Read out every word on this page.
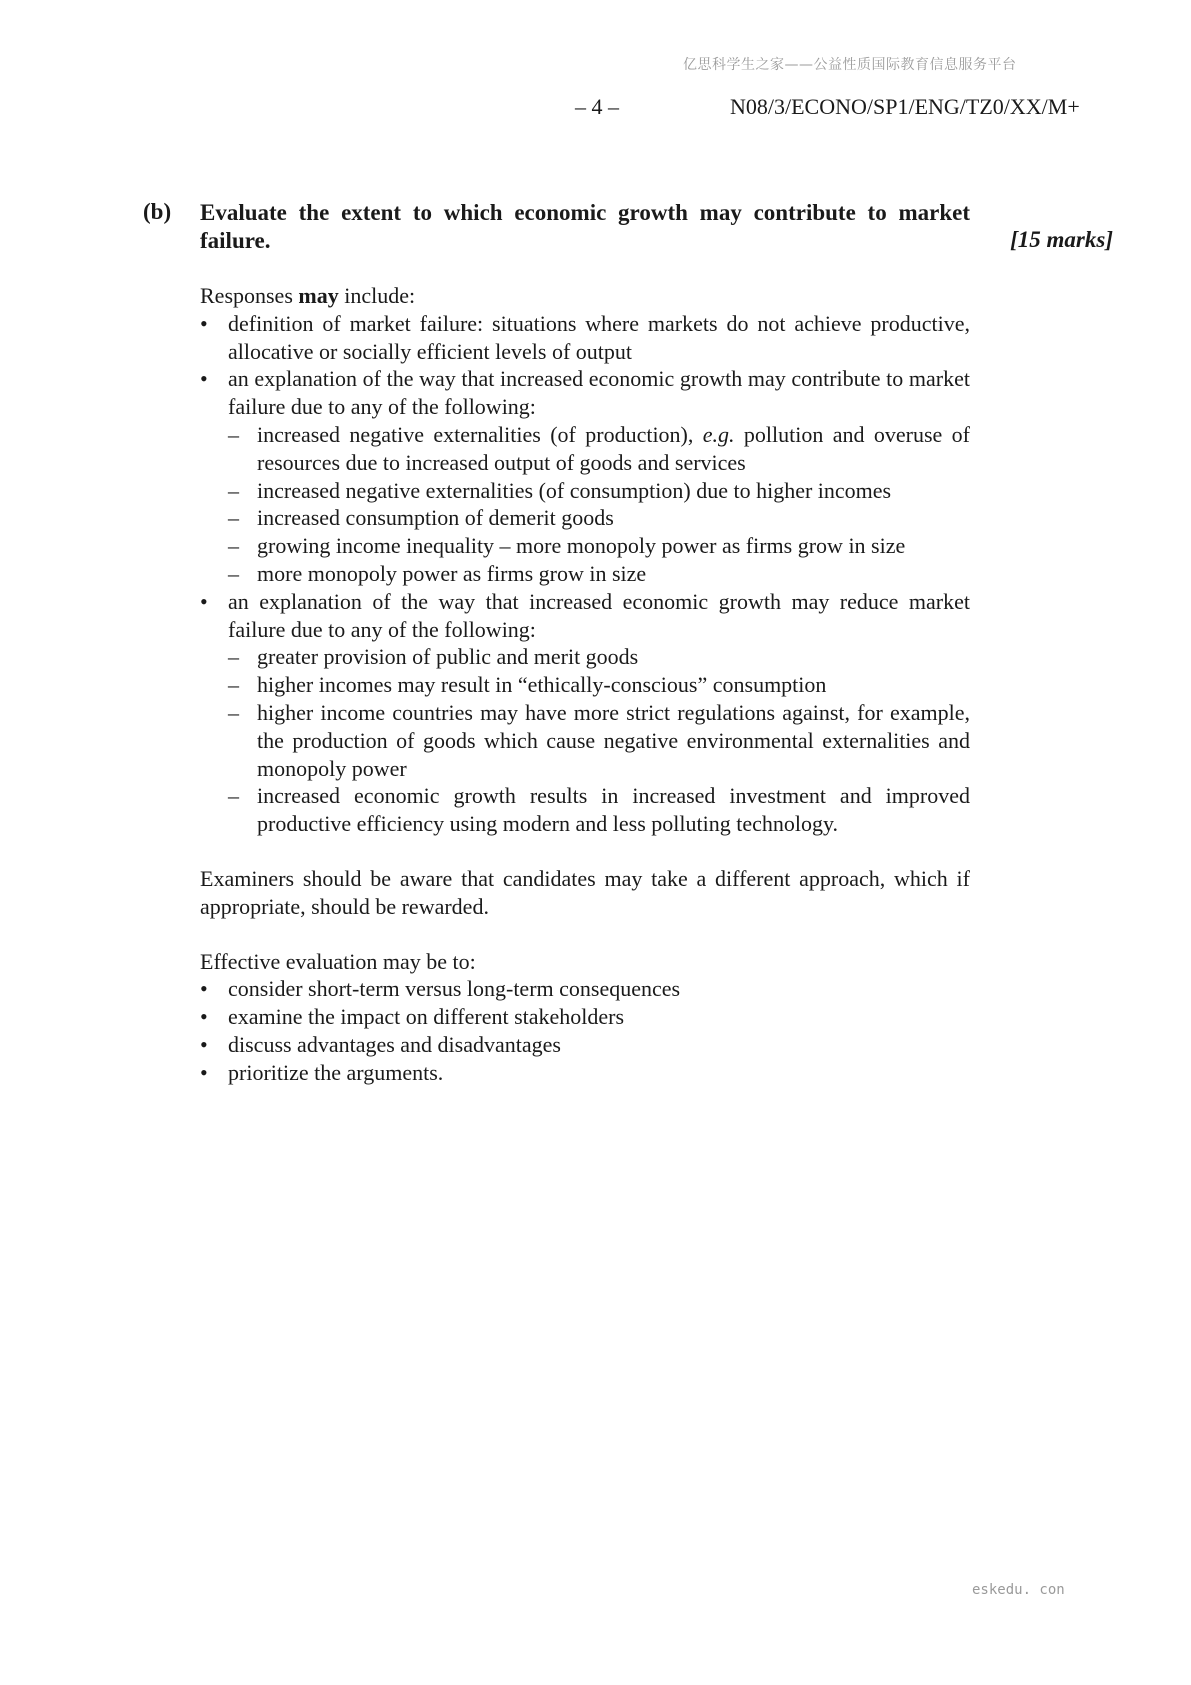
亿思科学生之家——公益性质国际教育信息服务平台
– 4 –	N08/3/ECONO/SP1/ENG/TZ0/XX/M+
(b) Evaluate the extent to which economic growth may contribute to market failure.	[15 marks]

Responses may include:

• definition of market failure: situations where markets do not achieve productive, allocative or socially efficient levels of output
• an explanation of the way that increased economic growth may contribute to market failure due to any of the following:
– increased negative externalities (of production), e.g. pollution and overuse of resources due to increased output of goods and services
– increased negative externalities (of consumption) due to higher incomes
– increased consumption of demerit goods
– growing income inequality – more monopoly power as firms grow in size
– more monopoly power as firms grow in size
• an explanation of the way that increased economic growth may reduce market failure due to any of the following:
– greater provision of public and merit goods
– higher incomes may result in “ethically-conscious” consumption
– higher income countries may have more strict regulations against, for example, the production of goods which cause negative environmental externalities and monopoly power
– increased economic growth results in increased investment and improved productive efficiency using modern and less polluting technology.

Examiners should be aware that candidates may take a different approach, which if appropriate, should be rewarded.

Effective evaluation may be to:

• consider short-term versus long-term consequences
• examine the impact on different stakeholders
• discuss advantages and disadvantages
• prioritize the arguments.
eskedu. con
